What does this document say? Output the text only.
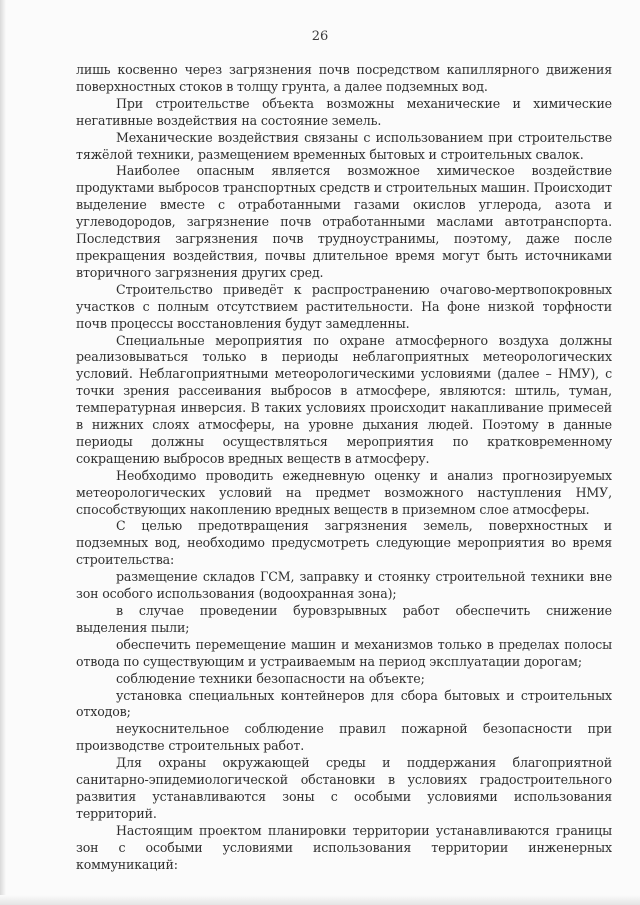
26

лишь косвенно через загрязнения почв посредством капиллярного движения поверхностных стоков в толщу грунта, а далее подземных вод.

При строительстве объекта возможны механические и химические негативные воздействия на состояние земель.

Механические воздействия связаны с использованием при строительстве тяжёлой техники, размещением временных бытовых и строительных свалок.

Наиболее опасным является возможное химическое воздействие продуктами выбросов транспортных средств и строительных машин. Происходит выделение вместе с отработанными газами окислов углерода, азота и углеводородов, загрязнение почв отработанными маслами автотранспорта. Последствия загрязнения почв трудноустранимы, поэтому, даже после прекращения воздействия, почвы длительное время могут быть источниками вторичного загрязнения других сред.

Строительство приведёт к распространению очагово-мертвопокровных участков с полным отсутствием растительности. На фоне низкой торфности почв процессы восстановления будут замедленны.

Специальные мероприятия по охране атмосферного воздуха должны реализовываться только в периоды неблагоприятных метеорологических условий. Неблагоприятными метеорологическими условиями (далее – НМУ), с точки зрения рассеивания выбросов в атмосфере, являются: штиль, туман, температурная инверсия. В таких условиях происходит накапливание примесей в нижних слоях атмосферы, на уровне дыхания людей. Поэтому в данные периоды должны осуществляться мероприятия по кратковременному сокращению выбросов вредных веществ в атмосферу.

Необходимо проводить ежедневную оценку и анализ прогнозируемых метеорологических условий на предмет возможного наступления НМУ, способствующих накоплению вредных веществ в приземном слое атмосферы.

С целью предотвращения загрязнения земель, поверхностных и подземных вод, необходимо предусмотреть следующие мероприятия во время строительства:

размещение складов ГСМ, заправку и стоянку строительной техники вне зон особого использования (водоохранная зона);

в случае проведении буровзрывных работ обеспечить снижение выделения пыли;

обеспечить перемещение машин и механизмов только в пределах полосы отвода по существующим и устраиваемым на период эксплуатации дорогам;

соблюдение техники безопасности на объекте;

установка специальных контейнеров для сбора бытовых и строительных отходов;

неукоснительное соблюдение правил пожарной безопасности при производстве строительных работ.

Для охраны окружающей среды и поддержания благоприятной санитарно-эпидемиологической обстановки в условиях градостроительного развития устанавливаются зоны с особыми условиями использования территорий.

Настоящим проектом планировки территории устанавливаются границы зон с особыми условиями использования территории инженерных коммуникаций:
